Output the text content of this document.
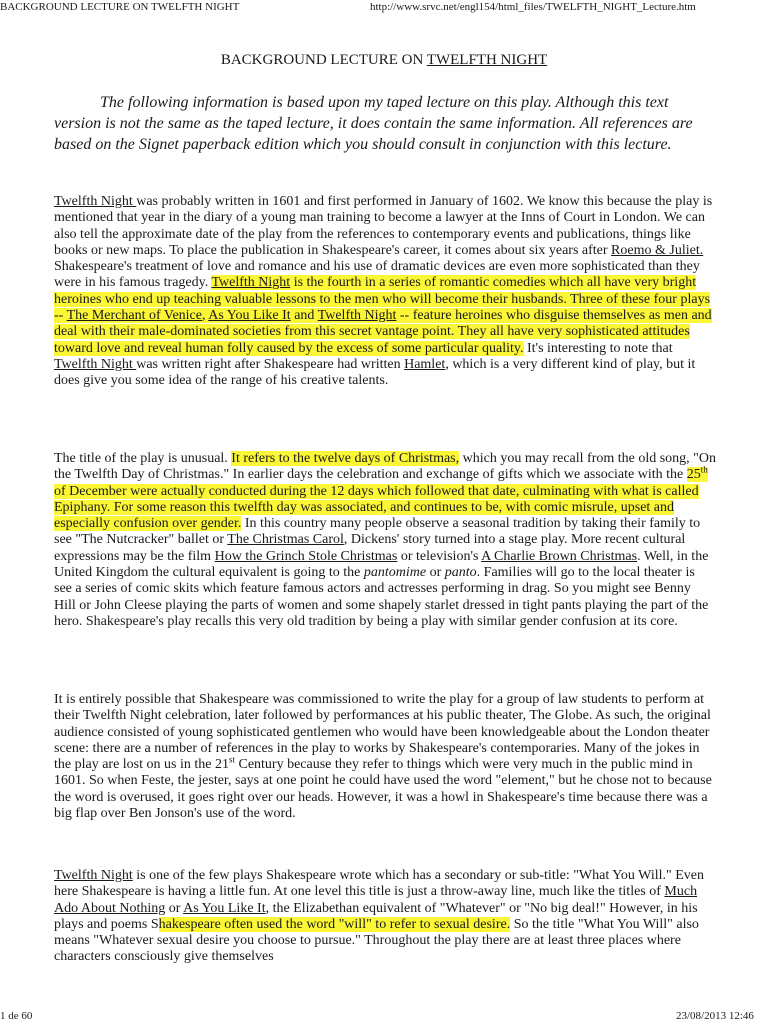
BACKGROUND LECTURE ON TWELFTH NIGHT	http://www.srvc.net/engl154/html_files/TWELFTH_NIGHT_Lecture.htm
BACKGROUND LECTURE ON TWELFTH NIGHT
The following information is based upon my taped lecture on this play. Although this text version is not the same as the taped lecture, it does contain the same information. All references are based on the Signet paperback edition which you should consult in conjunction with this lecture.
Twelfth Night was probably written in 1601 and first performed in January of 1602. We know this because the play is mentioned that year in the diary of a young man training to become a lawyer at the Inns of Court in London. We can also tell the approximate date of the play from the references to contemporary events and publications, things like books or new maps. To place the publication in Shakespeare's career, it comes about six years after Roemo & Juliet. Shakespeare's treatment of love and romance and his use of dramatic devices are even more sophisticated than they were in his famous tragedy. Twelfth Night is the fourth in a series of romantic comedies which all have very bright heroines who end up teaching valuable lessons to the men who will become their husbands. Three of these four plays -- The Merchant of Venice, As You Like It and Twelfth Night -- feature heroines who disguise themselves as men and deal with their male-dominated societies from this secret vantage point. They all have very sophisticated attitudes toward love and reveal human folly caused by the excess of some particular quality. It's interesting to note that Twelfth Night was written right after Shakespeare had written Hamlet, which is a very different kind of play, but it does give you some idea of the range of his creative talents.
The title of the play is unusual. It refers to the twelve days of Christmas, which you may recall from the old song, "On the Twelfth Day of Christmas." In earlier days the celebration and exchange of gifts which we associate with the 25th of December were actually conducted during the 12 days which followed that date, culminating with what is called Epiphany. For some reason this twelfth day was associated, and continues to be, with comic misrule, upset and especially confusion over gender. In this country many people observe a seasonal tradition by taking their family to see "The Nutcracker" ballet or The Christmas Carol, Dickens' story turned into a stage play. More recent cultural expressions may be the film How the Grinch Stole Christmas or television's A Charlie Brown Christmas. Well, in the United Kingdom the cultural equivalent is going to the pantomime or panto. Families will go to the local theater is see a series of comic skits which feature famous actors and actresses performing in drag. So you might see Benny Hill or John Cleese playing the parts of women and some shapely starlet dressed in tight pants playing the part of the hero. Shakespeare's play recalls this very old tradition by being a play with similar gender confusion at its core.
It is entirely possible that Shakespeare was commissioned to write the play for a group of law students to perform at their Twelfth Night celebration, later followed by performances at his public theater, The Globe. As such, the original audience consisted of young sophisticated gentlemen who would have been knowledgeable about the London theater scene: there are a number of references in the play to works by Shakespeare's contemporaries. Many of the jokes in the play are lost on us in the 21st Century because they refer to things which were very much in the public mind in 1601. So when Feste, the jester, says at one point he could have used the word "element," but he chose not to because the word is overused, it goes right over our heads. However, it was a howl in Shakespeare's time because there was a big flap over Ben Jonson's use of the word.
Twelfth Night is one of the few plays Shakespeare wrote which has a secondary or sub-title: "What You Will." Even here Shakespeare is having a little fun. At one level this title is just a throw-away line, much like the titles of Much Ado About Nothing or As You Like It, the Elizabethan equivalent of "Whatever" or "No big deal!" However, in his plays and poems Shakespeare often used the word "will" to refer to sexual desire. So the title "What You Will" also means "Whatever sexual desire you choose to pursue." Throughout the play there are at least three places where characters consciously give themselves
1 de 60	23/08/2013 12:46
